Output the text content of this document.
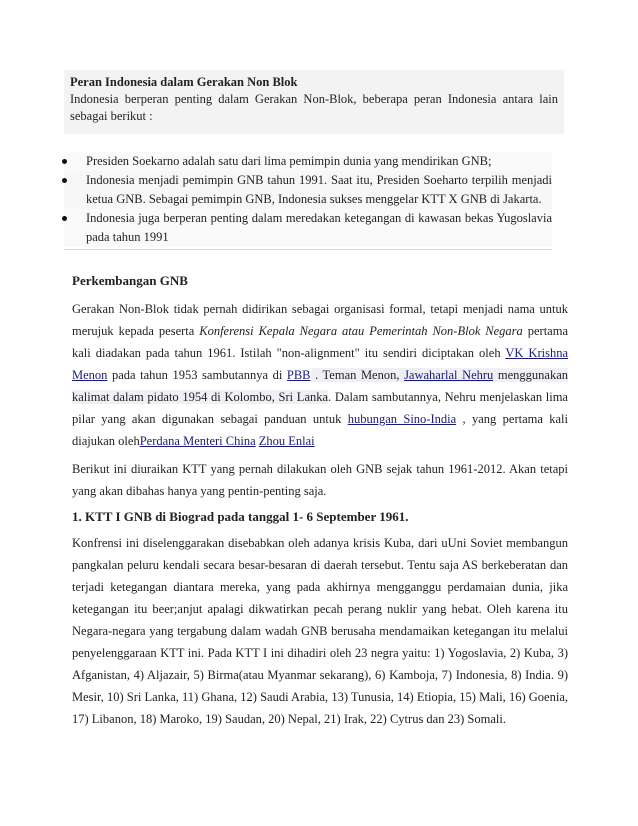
Peran Indonesia dalam Gerakan Non Blok
Indonesia berperan penting dalam Gerakan Non-Blok, beberapa peran Indonesia antara lain sebagai berikut :
Presiden Soekarno adalah satu dari lima pemimpin dunia yang mendirikan GNB;
Indonesia menjadi pemimpin GNB tahun 1991. Saat itu, Presiden Soeharto terpilih menjadi ketua GNB. Sebagai pemimpin GNB, Indonesia sukses menggelar KTT X GNB di Jakarta.
Indonesia juga berperan penting dalam meredakan ketegangan di kawasan bekas Yugoslavia pada tahun 1991
Perkembangan GNB
Gerakan Non-Blok tidak pernah didirikan sebagai organisasi formal, tetapi menjadi nama untuk merujuk kepada peserta Konferensi Kepala Negara atau Pemerintah Non-Blok Negara pertama kali diadakan pada tahun 1961. Istilah "non-alignment" itu sendiri diciptakan oleh VK Krishna Menon pada tahun 1953 sambutannya di PBB . Teman Menon, Jawaharlal Nehru menggunakan kalimat dalam pidato 1954 di Kolombo, Sri Lanka. Dalam sambutannya, Nehru menjelaskan lima pilar yang akan digunakan sebagai panduan untuk hubungan Sino-India , yang pertama kali diajukan olehPerdana Menteri China Zhou Enlai
Berikut ini diuraikan KTT yang pernah dilakukan oleh GNB sejak tahun 1961-2012. Akan tetapi yang akan dibahas hanya yang pentin-penting saja.
1. KTT I GNB di Biograd pada tanggal 1- 6 September 1961.
Konfrensi ini diselenggarakan disebabkan oleh adanya krisis Kuba, dari uUni Soviet membangun pangkalan peluru kendali secara besar-besaran di daerah tersebut. Tentu saja AS berkeberatan dan terjadi ketegangan diantara mereka, yang pada akhirnya mengganggu perdamaian dunia, jika ketegangan itu beer;anjut apalagi dikwatirkan pecah perang nuklir yang hebat. Oleh karena itu Negara-negara yang tergabung dalam wadah GNB berusaha mendamaikan ketegangan itu melalui penyelenggaraan KTT ini. Pada KTT I ini dihadiri oleh 23 negra yaitu: 1) Yogoslavia, 2) Kuba, 3) Afganistan, 4) Aljazair, 5) Birma(atau Myanmar sekarang), 6) Kamboja, 7) Indonesia, 8) India. 9) Mesir, 10) Sri Lanka, 11) Ghana, 12) Saudi Arabia, 13) Tunusia, 14) Etiopia, 15) Mali, 16) Goenia, 17) Libanon, 18) Maroko, 19) Saudan, 20) Nepal, 21) Irak, 22) Cytrus dan 23) Somali.
